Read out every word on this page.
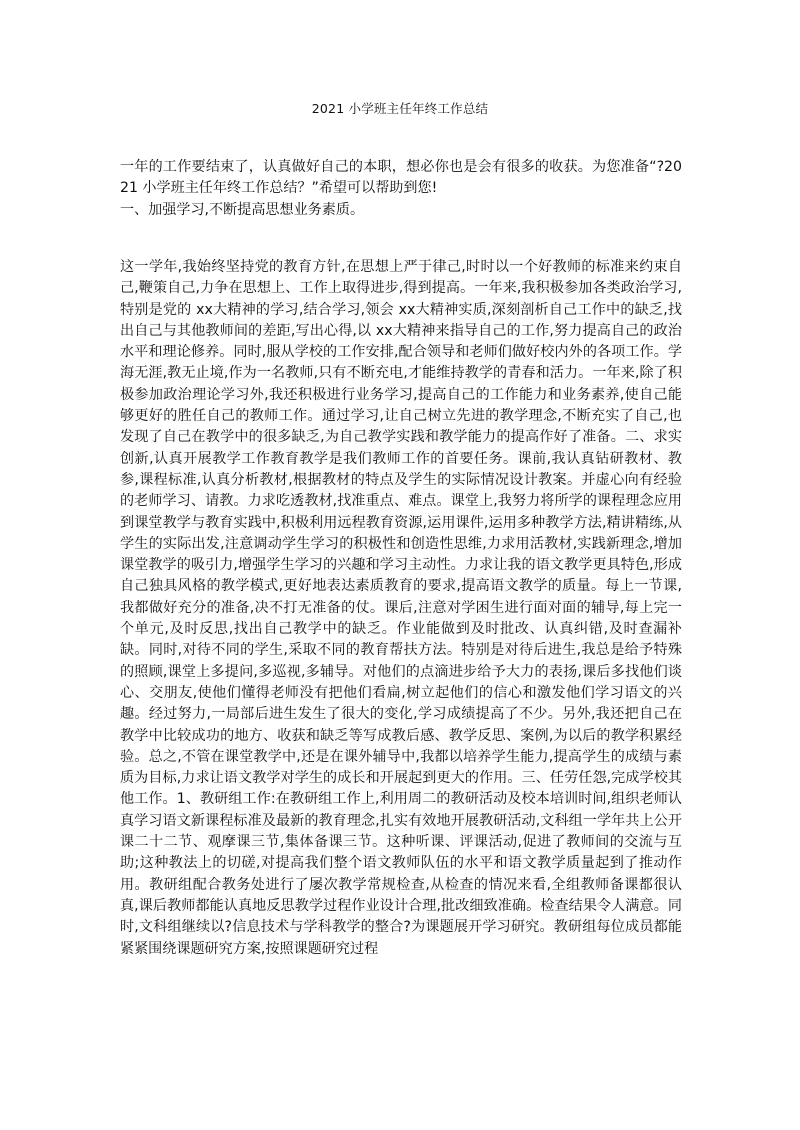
2021 小学班主任年终工作总结

一年的工作要结束了，认真做好自己的本职，想必你也是会有很多的收获。为您准备“?2021 小学班主任年终工作总结？”希望可以帮助到您!

一、加强学习,不断提高思想业务素质。

这一学年,我始终坚持党的教育方针,在思想上严于律己,时时以一个好教师的标准来约束自己,鞭策自己,力争在思想上、工作上取得进步,得到提高。一年来,我积极参加各类政治学习,特别是党的 xx大精神的学习,结合学习,领会 xx大精神实质,深刻剖析自己工作中的缺乏,找出自己与其他教师间的差距,写出心得,以 xx大精神来指导自己的工作,努力提高自己的政治水平和理论修养。同时,服从学校的工作安排,配合领导和老师们做好校内外的各项工作。学海无涯,教无止境,作为一名教师,只有不断充电,才能维持教学的青春和活力。一年来,除了积极参加政治理论学习外,我还积极进行业务学习,提高自己的工作能力和业务素养,使自己能够更好的胜任自己的教师工作。通过学习,让自己树立先进的教学理念,不断充实了自己,也发现了自己在教学中的很多缺乏,为自己教学实践和教学能力的提高作好了准备。二、求实创新,认真开展教学工作教育教学是我们教师工作的首要任务。课前,我认真钻研教材、教参,课程标准,认真分析教材,根据教材的特点及学生的实际情况设计教案。并虚心向有经验的老师学习、请教。力求吃透教材,找准重点、难点。课堂上,我努力将所学的课程理念应用到课堂教学与教育实践中,积极利用远程教育资源,运用课件,运用多种教学方法,精讲精练,从学生的实际出发,注意调动学生学习的积极性和创造性思维,力求用活教材,实践新理念,增加课堂教学的吸引力,增强学生学习的兴趣和学习主动性。力求让我的语文教学更具特色,形成自己独具风格的教学模式,更好地表达素质教育的要求,提高语文教学的质量。每上一节课,我都做好充分的准备,决不打无准备的仗。课后,注意对学困生进行面对面的辅导,每上完一个单元,及时反思,找出自己教学中的缺乏。作业能做到及时批改、认真纠错,及时查漏补缺。同时,对待不同的学生,采取不同的教育帮扶方法。特别是对待后进生,我总是给予特殊的照顾,课堂上多提问,多巡视,多辅导。对他们的点滴进步给予大力的表扬,课后多找他们谈心、交朋友,使他们懂得老师没有把他们看扁,树立起他们的信心和激发他们学习语文的兴趣。经过努力,一局部后进生发生了很大的变化,学习成绩提高了不少。另外,我还把自己在教学中比较成功的地方、收获和缺乏等写成教后感、教学反思、案例,为以后的教学积累经验。总之,不管在课堂教学中,还是在课外辅导中,我都以培养学生能力,提高学生的成绩与素质为目标,力求让语文教学对学生的成长和开展起到更大的作用。三、任劳任怨,完成学校其他工作。1、教研组工作:在教研组工作上,利用周二的教研活动及校本培训时间,组织老师认真学习语文新课程标准及最新的教育理念,扎实有效地开展教研活动,文科组一学年共上公开课二十二节、观摩课三节,集体备课三节。这种听课、评课活动,促进了教师间的交流与互助;这种教法上的切磋,对提高我们整个语文教师队伍的水平和语文教学质量起到了推动作用。教研组配合教务处进行了屡次教学常规检查,从检查的情况来看,全组教师备课都很认真,课后教师都能认真地反思教学过程作业设计合理,批改细致准确。检查结果令人满意。同时,文科组继续以?信息技术与学科教学的整合?为课题展开学习研究。教研组每位成员都能紧紧围绕课题研究方案,按照课题研究过程
